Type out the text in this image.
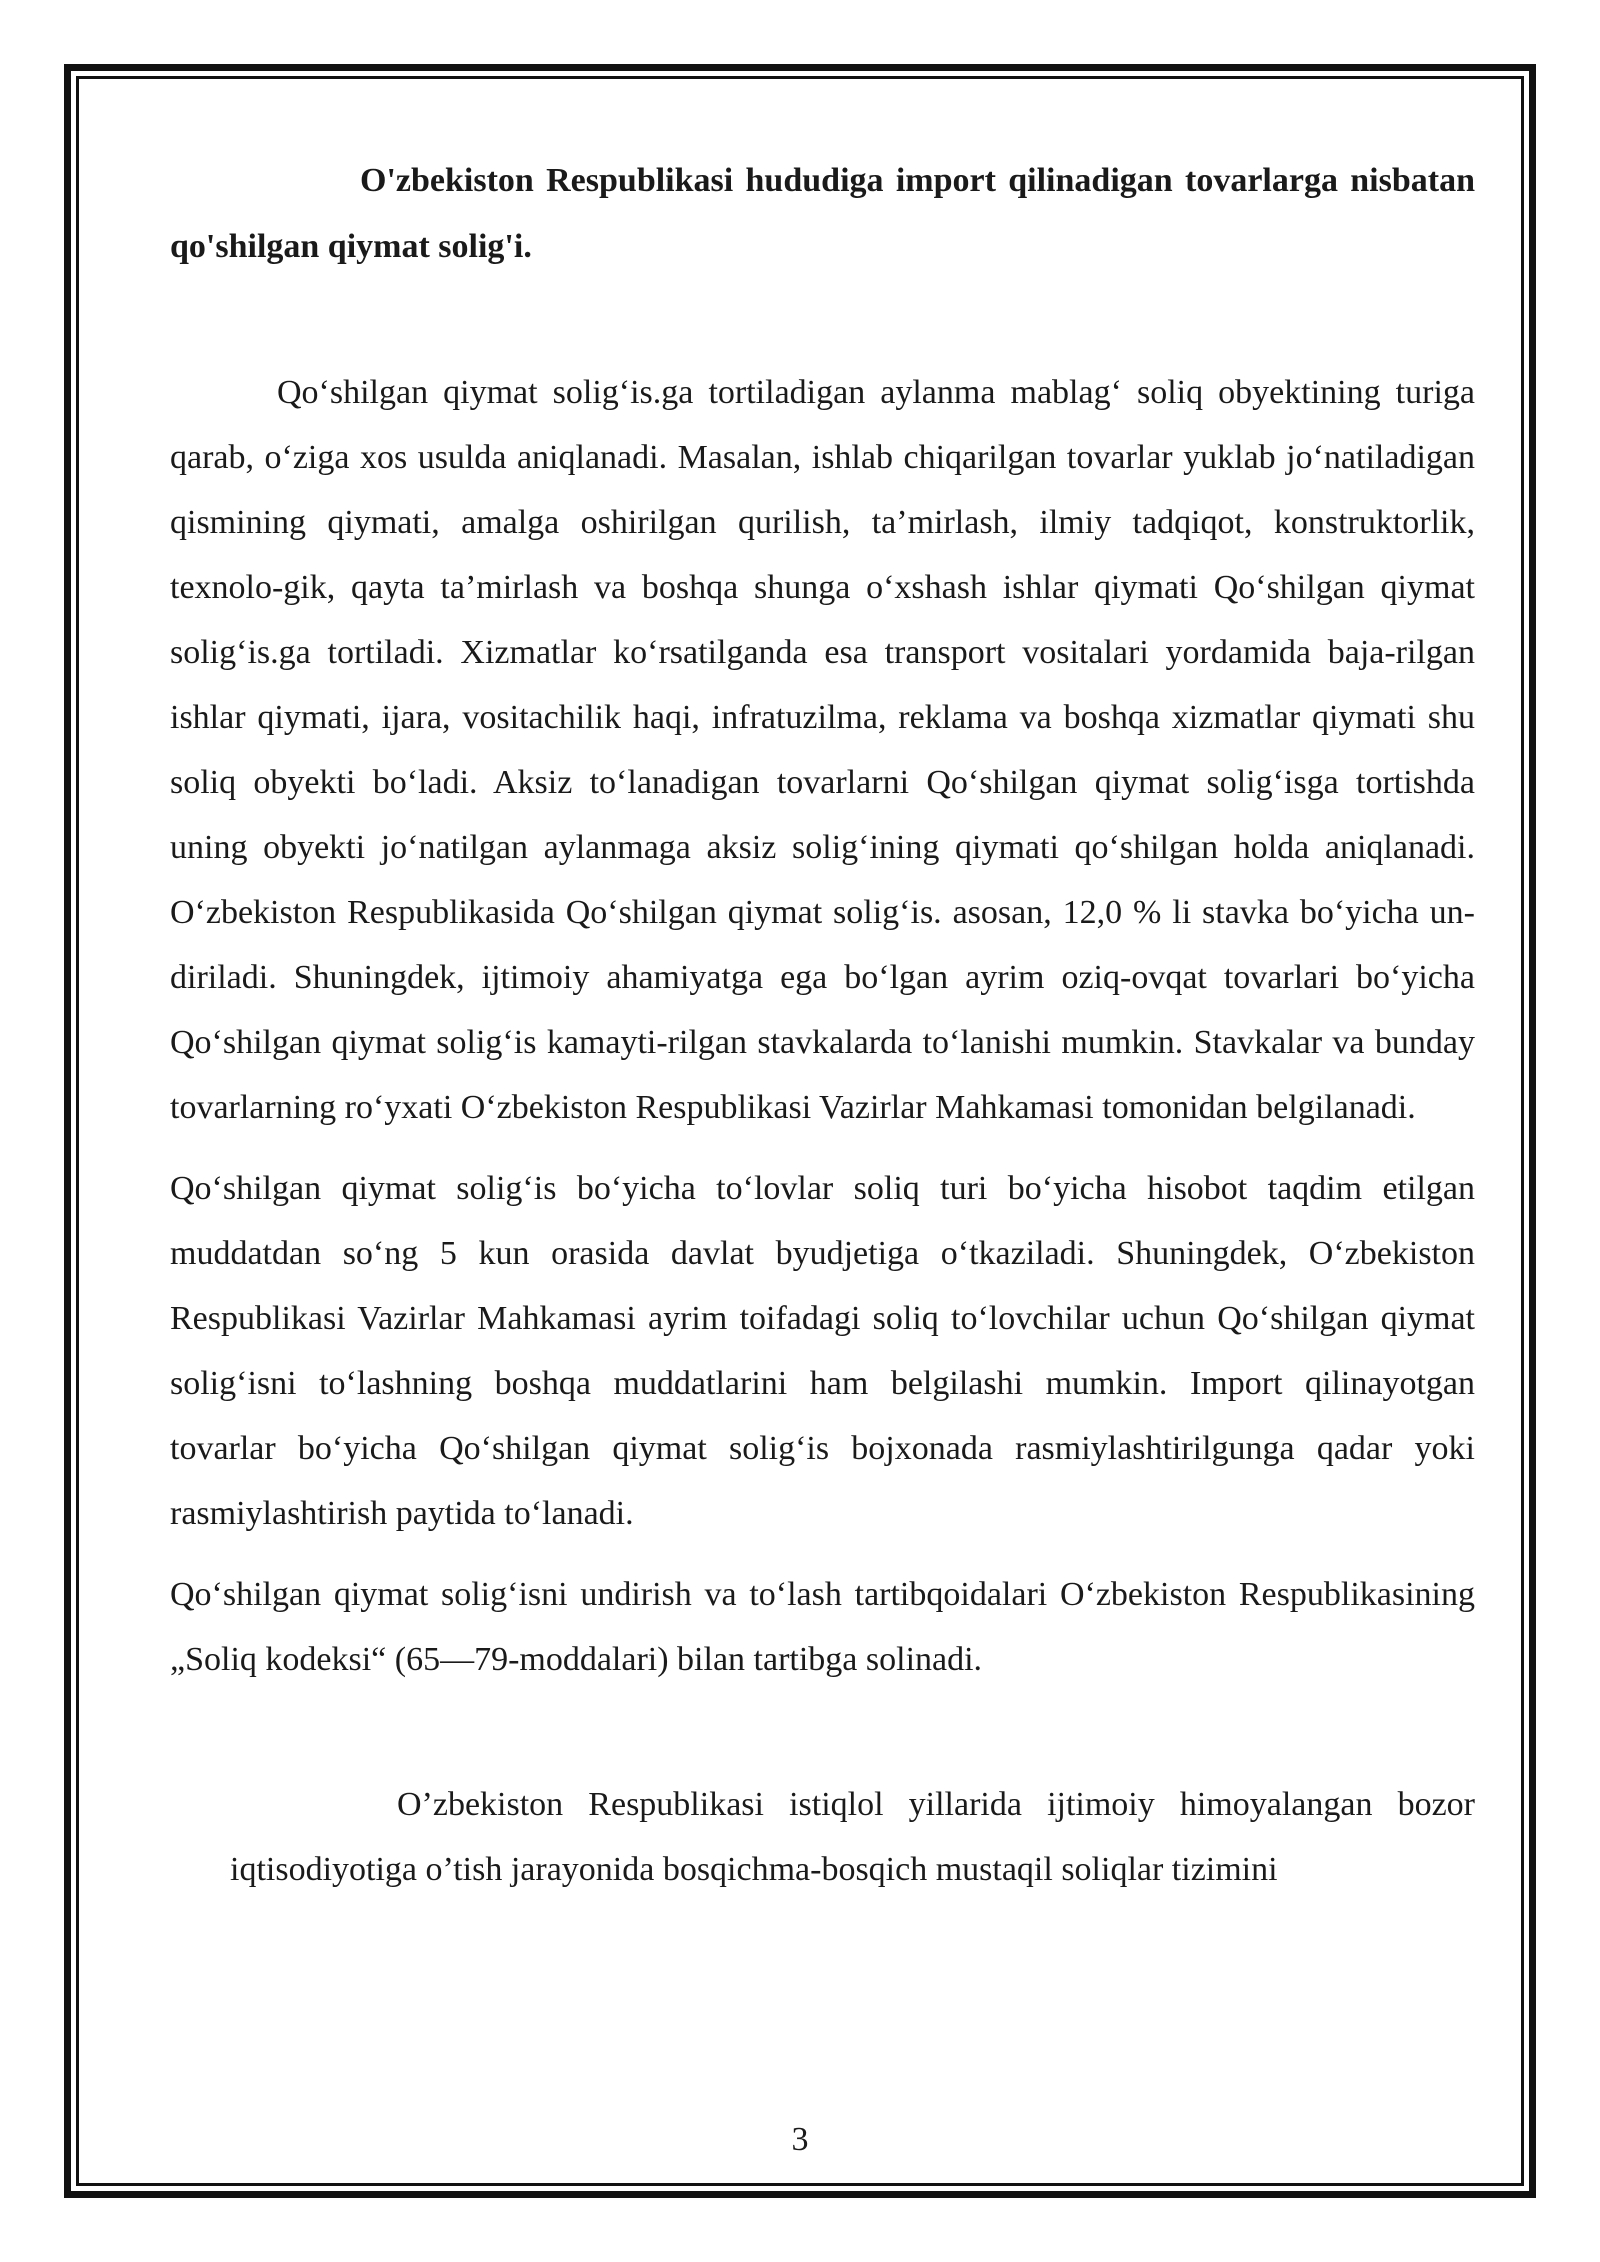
O'zbekiston Respublikasi hududiga import qilinadigan tovarlarga nisbatan qo'shilgan qiymat solig'i.

Qo‘shilgan qiymat solig‘is.ga tortiladigan aylanma mablag‘ soliq obyektining turiga qarab, o‘ziga xos usulda aniqlanadi. Masalan, ishlab chiqarilgan tovarlar yuklab jo‘natiladigan qismining qiymati, amalga oshirilgan qurilish, ta’mirlash, ilmiy tadqiqot, konstruktorlik, texnolo-gik, qayta ta’mirlash va boshqa shunga o‘xshash ishlar qiymati Qo‘shilgan qiymat solig‘is.ga tortiladi. Xizmatlar ko‘rsatilganda esa transport vositalari yordamida baja-rilgan ishlar qiymati, ijara, vositachilik haqi, infratuzilma, reklama va boshqa xizmatlar qiymati shu soliq obyekti bo‘ladi. Aksiz to‘lanadigan tovarlarni Qo‘shilgan qiymat solig‘isga tortishda uning obyekti jo‘natilgan aylanmaga aksiz solig‘ining qiymati qo‘shilgan holda aniqlanadi. O‘zbekiston Respublikasida Qo‘shilgan qiymat solig‘is. asosan, 12,0 % li stavka bo‘yicha un-diriladi. Shuningdek, ijtimoiy ahamiyatga ega bo‘lgan ayrim oziq-ovqat tovarlari bo‘yicha Qo‘shilgan qiymat solig‘is kamayti-rilgan stavkalarda to‘lanishi mumkin. Stavkalar va bunday tovarlarning ro‘yxati O‘zbekiston Respublikasi Vazirlar Mahkamasi tomonidan belgilanadi.

Qo‘shilgan qiymat solig‘is bo‘yicha to‘lovlar soliq turi bo‘yicha hisobot taqdim etilgan muddatdan so‘ng 5 kun orasida davlat byudjetiga o‘tkaziladi. Shuningdek, O‘zbekiston Respublikasi Vazirlar Mahkamasi ayrim toifadagi soliq to‘lovchilar uchun Qo‘shilgan qiymat solig‘isni to‘lashning boshqa muddatlarini ham belgilashi mumkin. Import qilinayotgan tovarlar bo‘yicha Qo‘shilgan qiymat solig‘is bojxonada rasmiylashtirilgunga qadar yoki rasmiylashtirish paytida to‘lanadi.

Qo‘shilgan qiymat solig‘isni undirish va to‘lash tartibqoidalari O‘zbekiston Respublikasining „Soliq kodeksi“ (65—79-moddalari) bilan tartibga solinadi.

O’zbekiston Respublikasi istiqlol yillarida ijtimoiy himoyalangan bozor iqtisodiyotiga o’tish jarayonida bosqichma-bosqich mustaqil soliqlar tizimini

3
